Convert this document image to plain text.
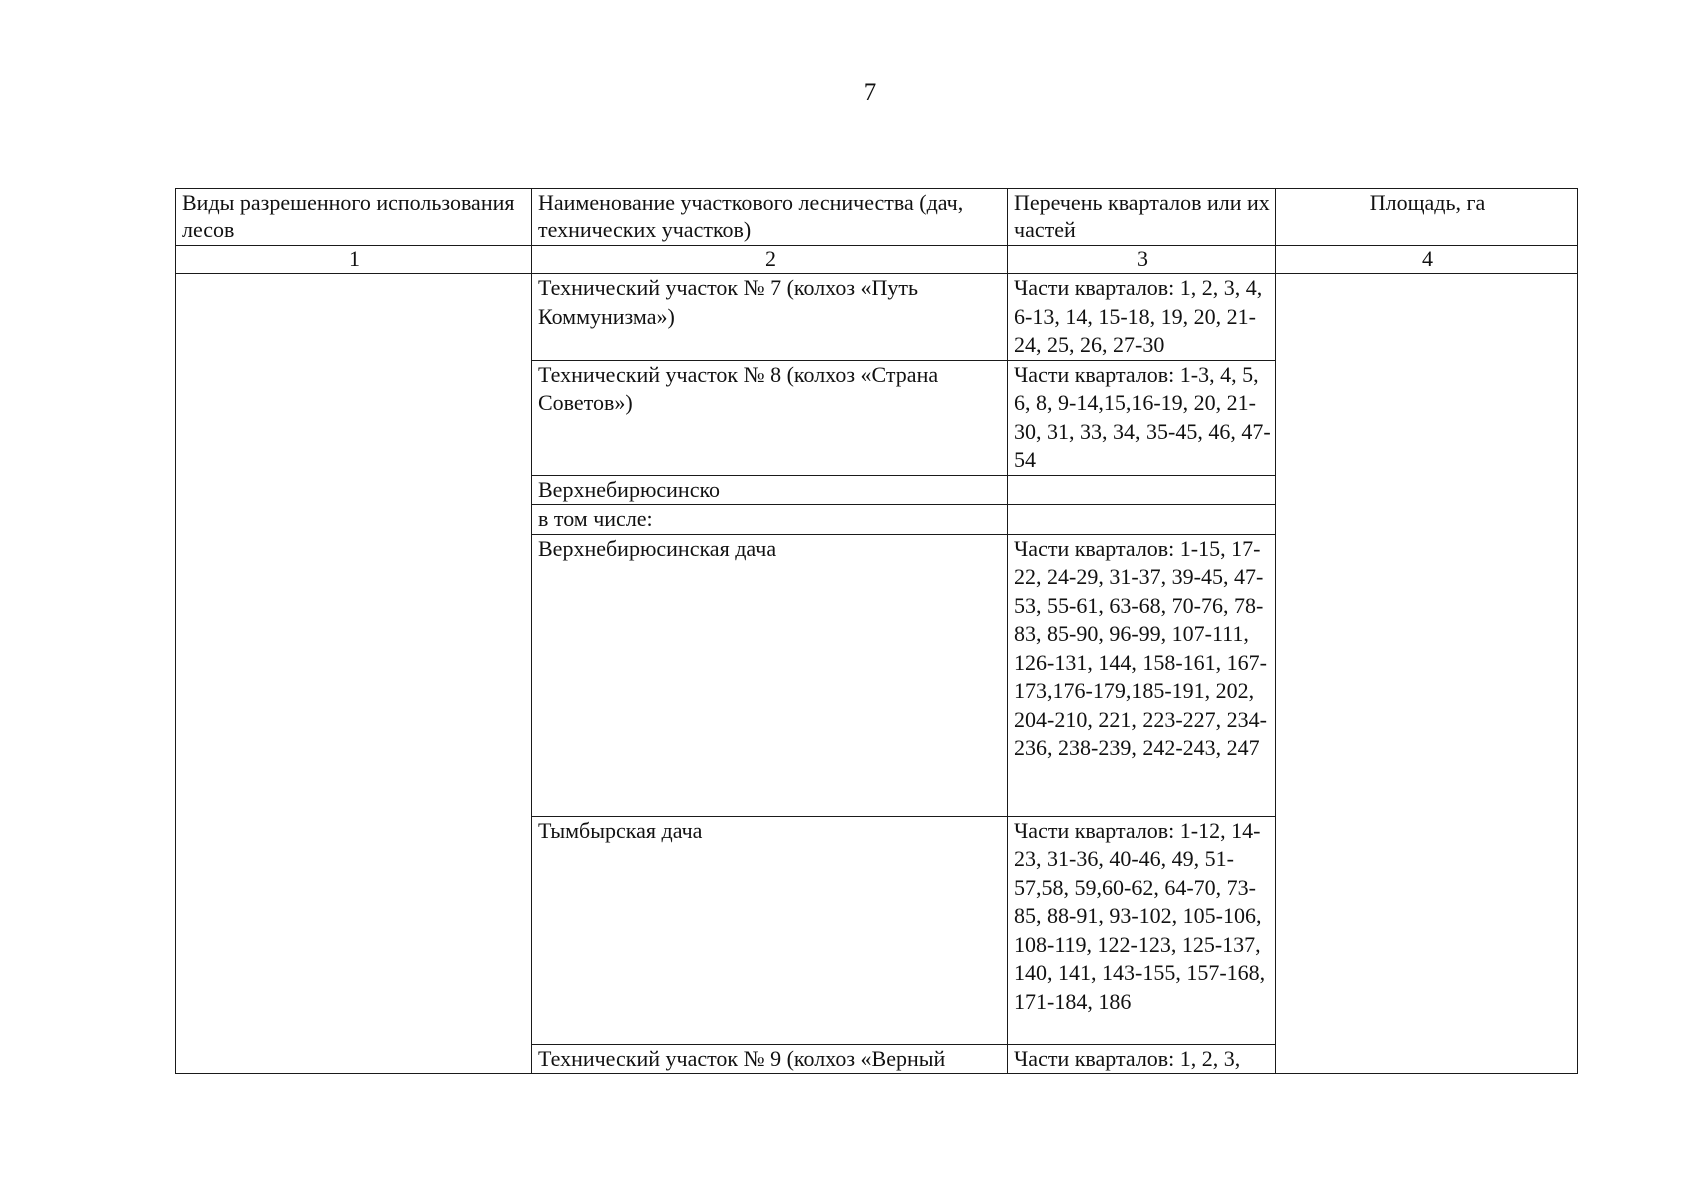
7
Виды разрешенного использования лесов	Наименование участкового лесничества (дач, технических участков)	Перечень кварталов или их частей	Площадь, га
1	2	3	4
	Технический участок № 7 (колхоз «Путь Коммунизма»)	Части кварталов: 1, 2, 3, 4, 6-13, 14, 15-18, 19, 20, 21-24, 25, 26, 27-30	
	Технический участок № 8 (колхоз «Страна Советов»)	Части кварталов: 1-3, 4, 5, 6, 8, 9-14,15,16-19, 20, 21-30, 31, 33, 34, 35-45, 46, 47-54	
	Верхнебирюсинско		
	в том числе:		
	Верхнебирюсинская дача	Части кварталов: 1-15, 17-22, 24-29, 31-37, 39-45, 47-53, 55-61, 63-68, 70-76, 78-83, 85-90, 96-99, 107-111, 126-131, 144, 158-161, 167-173,176-179,185-191, 202, 204-210, 221, 223-227, 234-236, 238-239, 242-243, 247	
	Тымбырская дача	Части кварталов: 1-12, 14-23, 31-36, 40-46, 49, 51-57,58, 59,60-62, 64-70, 73-85, 88-91, 93-102, 105-106, 108-119, 122-123, 125-137, 140, 141, 143-155, 157-168, 171-184, 186	
	Технический участок № 9 (колхоз «Верный	Части кварталов: 1, 2, 3,	
